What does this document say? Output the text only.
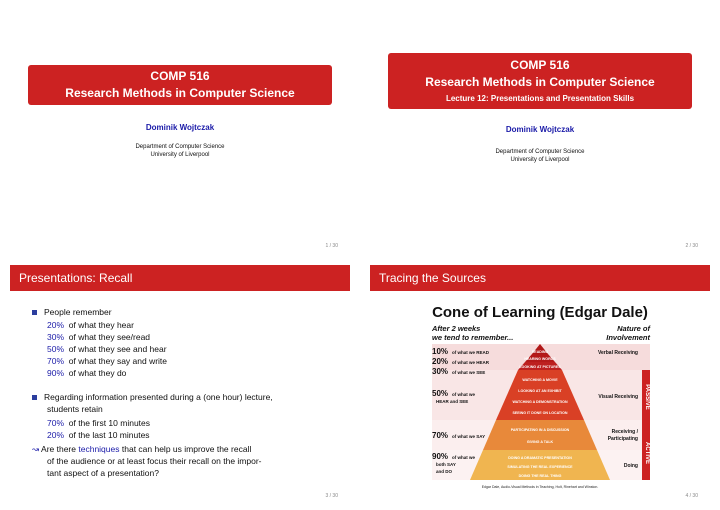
COMP 516
Research Methods in Computer Science
Dominik Wojtczak
Department of Computer Science
University of Liverpool
1 / 30
COMP 516
Research Methods in Computer Science
Lecture 12: Presentations and Presentation Skills
Dominik Wojtczak
Department of Computer Science
University of Liverpool
2 / 30
Presentations: Recall
People remember
20% of what they hear
30% of what they see/read
50% of what they see and hear
70% of what they say and write
90% of what they do
Regarding information presented during a (one hour) lecture,
students retain
70% of the first 10 minutes
20% of the last 10 minutes
↝ Are there techniques that can help us improve the recall
of the audience or at least focus their recall on the impor-
tant aspect of a presentation?
3 / 30
Tracing the Sources
Cone of Learning (Edgar Dale)
After 2 weeks
we tend to remember...
Nature of
Involvement
PASSIVE
ACTIVE
READING
HEARING WORDS
LOOKING AT PICTURES
WATCHING A MOVIE
LOOKING AT AN EXHIBIT
WATCHING A DEMONSTRATION
SEEING IT DONE ON LOCATION
PARTICIPATING IN A DISCUSSION
GIVING A TALK
DOING A DRAMATIC PRESENTATION
SIMULATING THE REAL EXPERIENCE
DOING THE REAL THING
10% of what we READ
20% of what we HEAR
30% of what we SEE
50% of what we
HEAR and SEE
70% of what we SAY
90% of what we
both SAY
and DO
Verbal Receiving
Visual Receiving
Receiving /
Participating
Doing
Edgar Dale, Audio-Visual Methods in Teaching, Holt, Rinehart and Winston.
4 / 30
